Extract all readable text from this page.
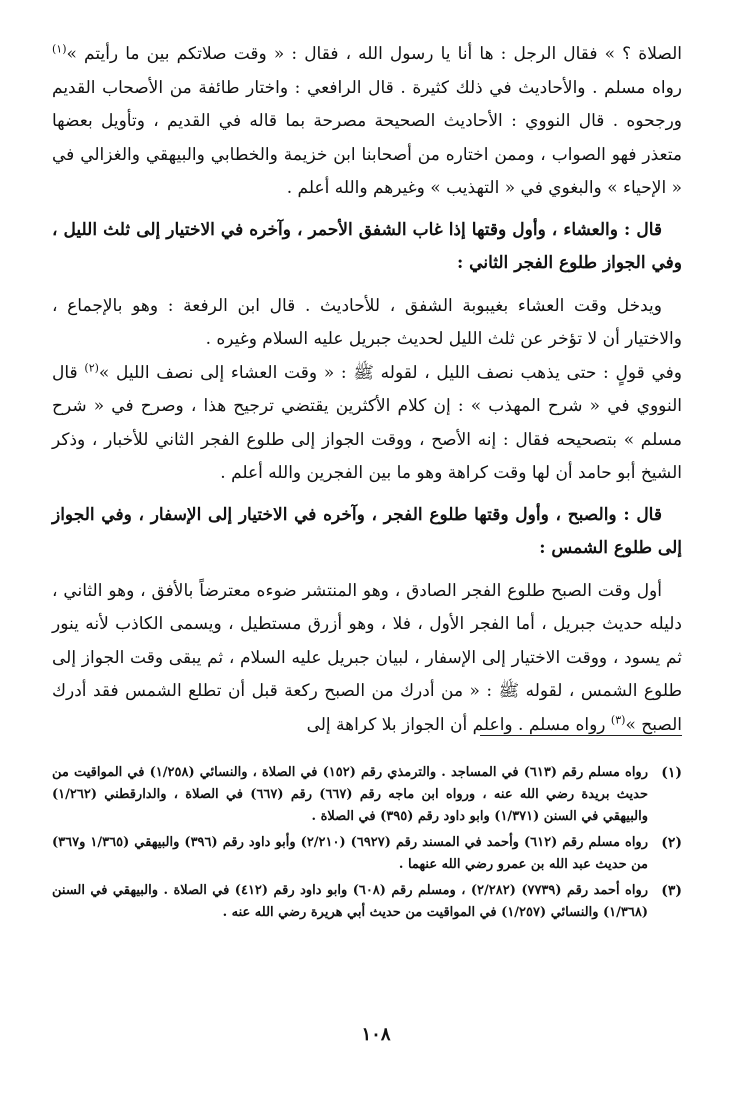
الصلاة ؟ » فقال الرجل : ها أنا يا رسول الله ، فقال : « وقت صلاتكم بين ما رأيتم »$^{(١)}$ رواه مسلم . والأحاديث في ذلك كثيرة . قال الرافعي : واختار طائفة من الأصحاب القديم ورجحوه . قال النووي : الأحاديث الصحيحة مصرحة بما قاله في القديم ، وتأويل بعضها متعذر فهو الصواب ، وممن اختاره من أصحابنا ابن خزيمة والخطابي والبيهقي والغزالي في « الإحياء » والبغوي في « التهذيب » وغيرهم والله أعلم .

قال : والعشاء ، وأول وقتها إذا غاب الشفق الأحمر ، وآخره في الاختيار إلى ثلث الليل ، وفي الجواز طلوع الفجر الثاني :

ويدخل وقت العشاء بغيبوبة الشفق ، للأحاديث . قال ابن الرفعة : وهو بالإجماع ، والاختيار أن لا تؤخر عن ثلث الليل لحديث جبريل عليه السلام وغيره .

وفي قولٍ : حتى يذهب نصف الليل ، لقوله ﷺ : « وقت العشاء إلى نصف الليل »$^{(٢)}$ قال النووي في « شرح المهذب » : إن كلام الأكثرين يقتضي ترجيح هذا ، وصرح في « شرح مسلم » بتصحيحه فقال : إنه الأصح ، ووقت الجواز إلى طلوع الفجر الثاني للأخبار ، وذكر الشيخ أبو حامد أن لها وقت كراهة وهو ما بين الفجرين والله أعلم .

قال : والصبح ، وأول وقتها طلوع الفجر ، وآخره في الاختيار إلى الإسفار ، وفي الجواز إلى طلوع الشمس :

أول وقت الصبح طلوع الفجر الصادق ، وهو المنتشر ضوءه معترضاً بالأفق ، وهو الثاني ، دليله حديث جبريل ، أما الفجر الأول ، فلا ، وهو أزرق مستطيل ، ويسمى الكاذب لأنه ينور ثم يسود ، ووقت الاختيار إلى الإسفار ، لبيان جبريل عليه السلام ، ثم يبقى وقت الجواز إلى طلوع الشمس ، لقوله ﷺ : « من أدرك من الصبح ركعة قبل أن تطلع الشمس فقد أدرك الصبح »$^{(٣)}$ رواه مسلم . واعلم أن الجواز بلا كراهة إلى

(١)
رواه مسلم رقم (٦١٣) في المساجد . والترمذي رقم (١٥٢) في الصلاة ، والنسائي (١/٢٥٨) في المواقيت من حديث بريدة رضي الله عنه ، ورواه ابن ماجه رقم (٦٦٧) رقم (٦٦٧) في الصلاة ، والدارقطني (١/٢٦٢) والبيهقي في السنن (١/٣٧١) وابو داود رقم (٣٩٥) في الصلاة .
(٢)
رواه مسلم رقم (٦١٢) وأحمد في المسند رقم (٦٩٢٧) (٢/٢١٠) وأبو داود رقم (٣٩٦) والبيهقي (١/٣٦٥ و٣٦٧) من حديث عبد الله بن عمرو رضي الله عنهما .
(٣)
رواه أحمد رقم (٧٧٣٩) (٢/٢٨٢) ، ومسلم رقم (٦٠٨) وابو داود رقم (٤١٢) في الصلاة . والبيهقي في السنن (١/٣٦٨) والنسائي (١/٢٥٧) في المواقيت من حديث أبي هريرة رضي الله عنه .
١٠٨
